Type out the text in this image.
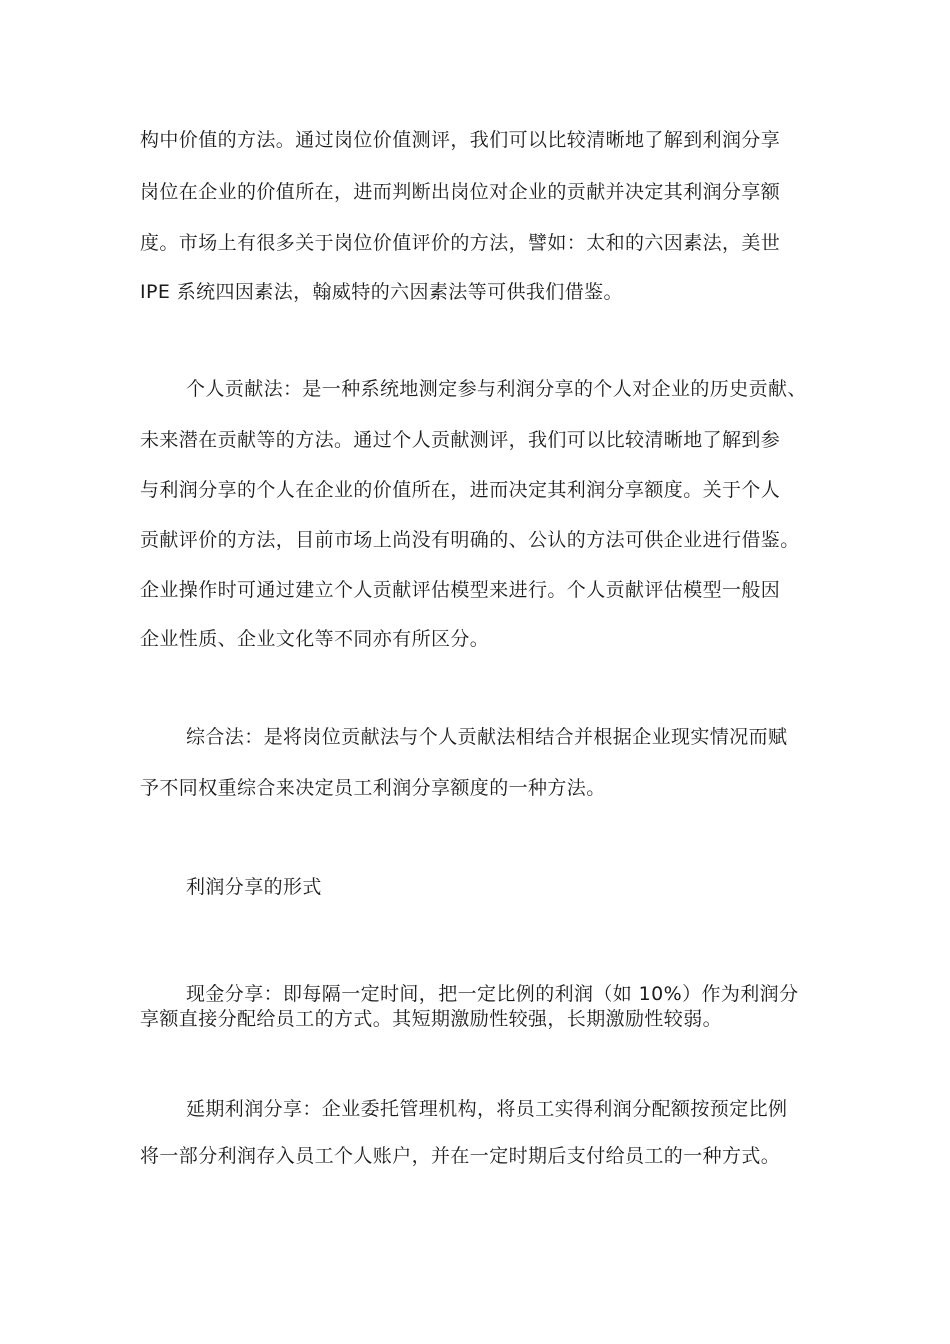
构中价值的方法。通过岗位价值测评，我们可以比较清晰地了解到利润分享
岗位在企业的价值所在，进而判断出岗位对企业的贡献并决定其利润分享额
度。市场上有很多关于岗位价值评价的方法，譬如：太和的六因素法，美世
IPE 系统四因素法，翰威特的六因素法等可供我们借鉴。
个人贡献法：是一种系统地测定参与利润分享的个人对企业的历史贡献、
未来潜在贡献等的方法。通过个人贡献测评，我们可以比较清晰地了解到参
与利润分享的个人在企业的价值所在，进而决定其利润分享额度。关于个人
贡献评价的方法，目前市场上尚没有明确的、公认的方法可供企业进行借鉴。
企业操作时可通过建立个人贡献评估模型来进行。个人贡献评估模型一般因
企业性质、企业文化等不同亦有所区分。
综合法：是将岗位贡献法与个人贡献法相结合并根据企业现实情况而赋
予不同权重综合来决定员工利润分享额度的一种方法。
利润分享的形式
现金分享：即每隔一定时间，把一定比例的利润（如 10%）作为利润分
享额直接分配给员工的方式。其短期激励性较强，长期激励性较弱。
延期利润分享：企业委托管理机构，将员工实得利润分配额按预定比例
将一部分利润存入员工个人账户，并在一定时期后支付给员工的一种方式。
